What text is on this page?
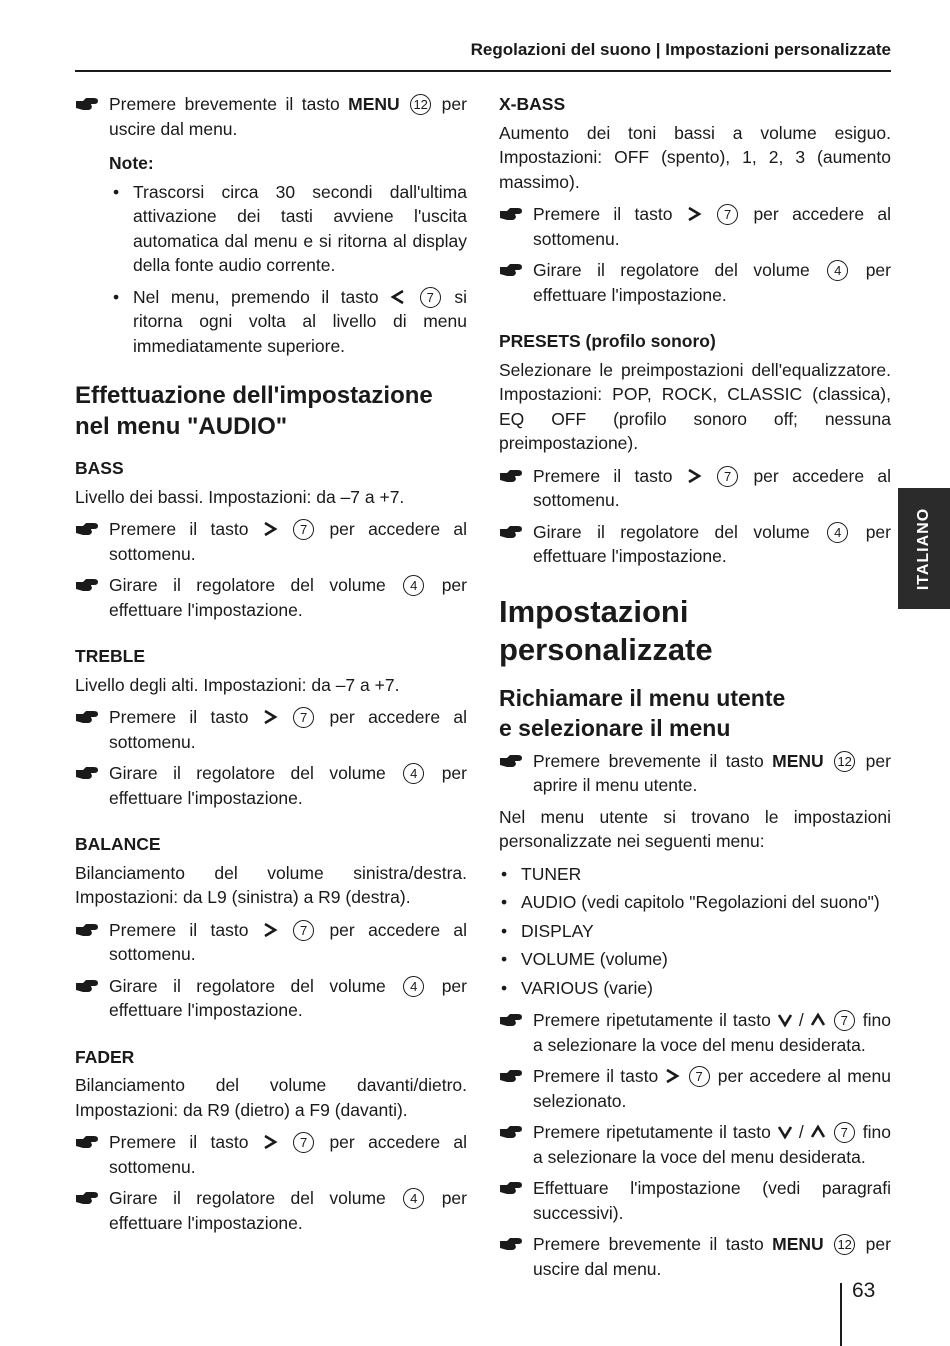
Regolazioni del suono | Impostazioni personalizzate
Premere brevemente il tasto MENU 12 per uscire dal menu.
Note:
• Trascorsi circa 30 secondi dall'ultima attivazione dei tasti avviene l'uscita automatica dal menu e si ritorna al display della fonte audio corrente.
• Nel menu, premendo il tasto	7 si ritorna ogni volta al livello di menu immediatamente superiore.
Effettuazione dell'impostazione nel menu "AUDIO"
BASS
Livello dei bassi. Impostazioni: da –7 a +7.
Premere il tasto	7 per accedere al sottomenu.
Girare il regolatore del volume 4 per effettuare l'impostazione.
TREBLE
Livello degli alti. Impostazioni: da –7 a +7.
Premere il tasto	7 per accedere al sottomenu.
Girare il regolatore del volume 4 per effettuare l'impostazione.
BALANCE
Bilanciamento del volume sinistra/destra. Impostazioni: da L9 (sinistra) a R9 (destra).
Premere il tasto	7 per accedere al sottomenu.
Girare il regolatore del volume 4 per effettuare l'impostazione.
FADER
Bilanciamento del volume davanti/dietro. Impostazioni: da R9 (dietro) a F9 (davanti).
Premere il tasto	7 per accedere al sottomenu.
Girare il regolatore del volume 4 per effettuare l'impostazione.
X-BASS
Aumento dei toni bassi a volume esiguo. Impostazioni: OFF (spento), 1, 2, 3 (aumento massimo).
Premere il tasto	7 per accedere al sottomenu.
Girare il regolatore del volume 4 per effettuare l'impostazione.
PRESETS (profilo sonoro)
Selezionare le preimpostazioni dell'equalizzatore. Impostazioni: POP, ROCK, CLASSIC (classica), EQ OFF (profilo sonoro off; nessuna preimpostazione).
Premere il tasto	7 per accedere al sottomenu.
Girare il regolatore del volume 4 per effettuare l'impostazione.
Impostazioni personalizzate
Richiamare il menu utente
e selezionare il menu
Premere brevemente il tasto MENU 12 per aprire il menu utente.
Nel menu utente si trovano le impostazioni personalizzate nei seguenti menu:
• TUNER
• AUDIO (vedi capitolo "Regolazioni del suono")
• DISPLAY
• VOLUME (volume)
• VARIOUS (varie)
Premere ripetutamente il tasto /	7 fino a selezionare la voce del menu desiderata.
Premere il tasto	7 per accedere al menu selezionato.
Premere ripetutamente il tasto /	7 fino a selezionare la voce del menu desiderata.
Effettuare l'impostazione (vedi paragrafi successivi).
Premere brevemente il tasto MENU 12 per uscire dal menu.
ITALIANO
63
